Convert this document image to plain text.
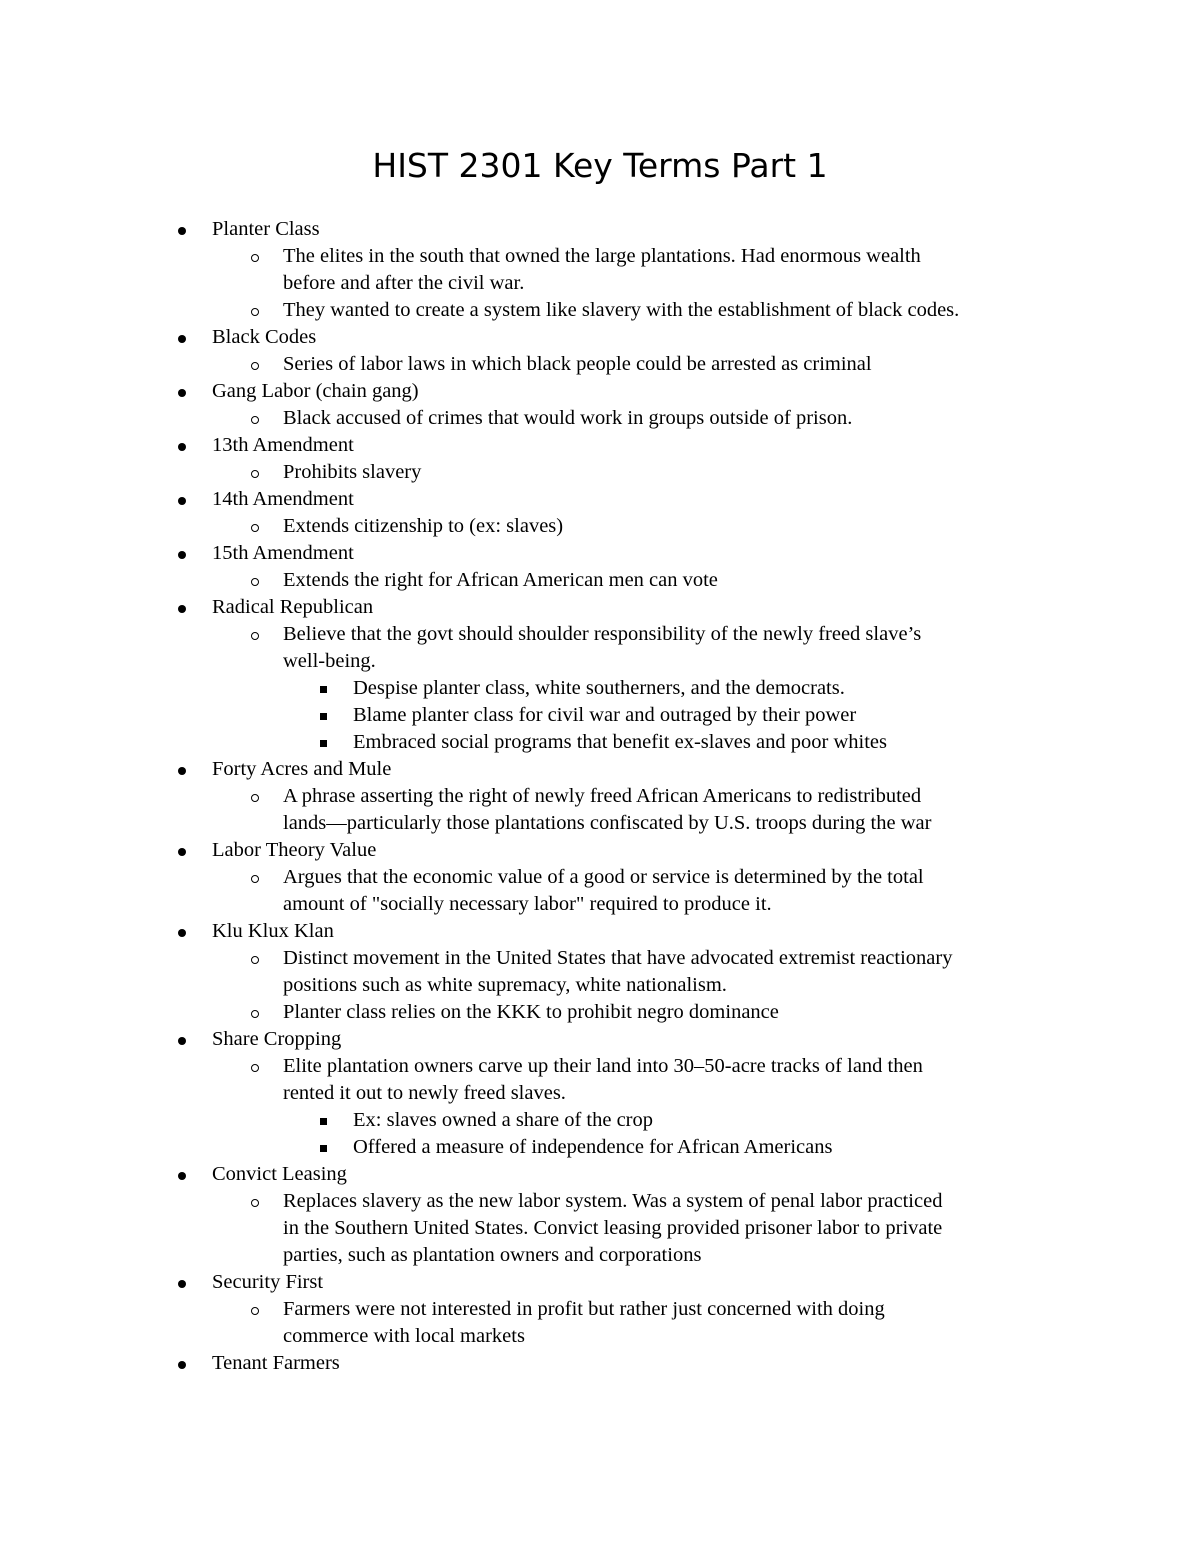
HIST 2301 Key Terms Part 1
Planter Class
The elites in the south that owned the large plantations. Had enormous wealth
before and after the civil war.
They wanted to create a system like slavery with the establishment of black codes.
Black Codes
Series of labor laws in which black people could be arrested as criminal
Gang Labor (chain gang)
Black accused of crimes that would work in groups outside of prison.
13th Amendment
Prohibits slavery
14th Amendment
Extends citizenship to (ex: slaves)
15th Amendment
Extends the right for African American men can vote
Radical Republican
Believe that the govt should shoulder responsibility of the newly freed slave’s
well-being.
Despise planter class, white southerners, and the democrats.
Blame planter class for civil war and outraged by their power
Embraced social programs that benefit ex-slaves and poor whites
Forty Acres and Mule
A phrase asserting the right of newly freed African Americans to redistributed
lands—particularly those plantations confiscated by U.S. troops during the war
Labor Theory Value
Argues that the economic value of a good or service is determined by the total
amount of "socially necessary labor" required to produce it.
Klu Klux Klan
Distinct movement in the United States that have advocated extremist reactionary
positions such as white supremacy, white nationalism.
Planter class relies on the KKK to prohibit negro dominance
Share Cropping
Elite plantation owners carve up their land into 30–50-acre tracks of land then
rented it out to newly freed slaves.
Ex: slaves owned a share of the crop
Offered a measure of independence for African Americans
Convict Leasing
Replaces slavery as the new labor system. Was a system of penal labor practiced
in the Southern United States. Convict leasing provided prisoner labor to private
parties, such as plantation owners and corporations
Security First
Farmers were not interested in profit but rather just concerned with doing
commerce with local markets
Tenant Farmers
